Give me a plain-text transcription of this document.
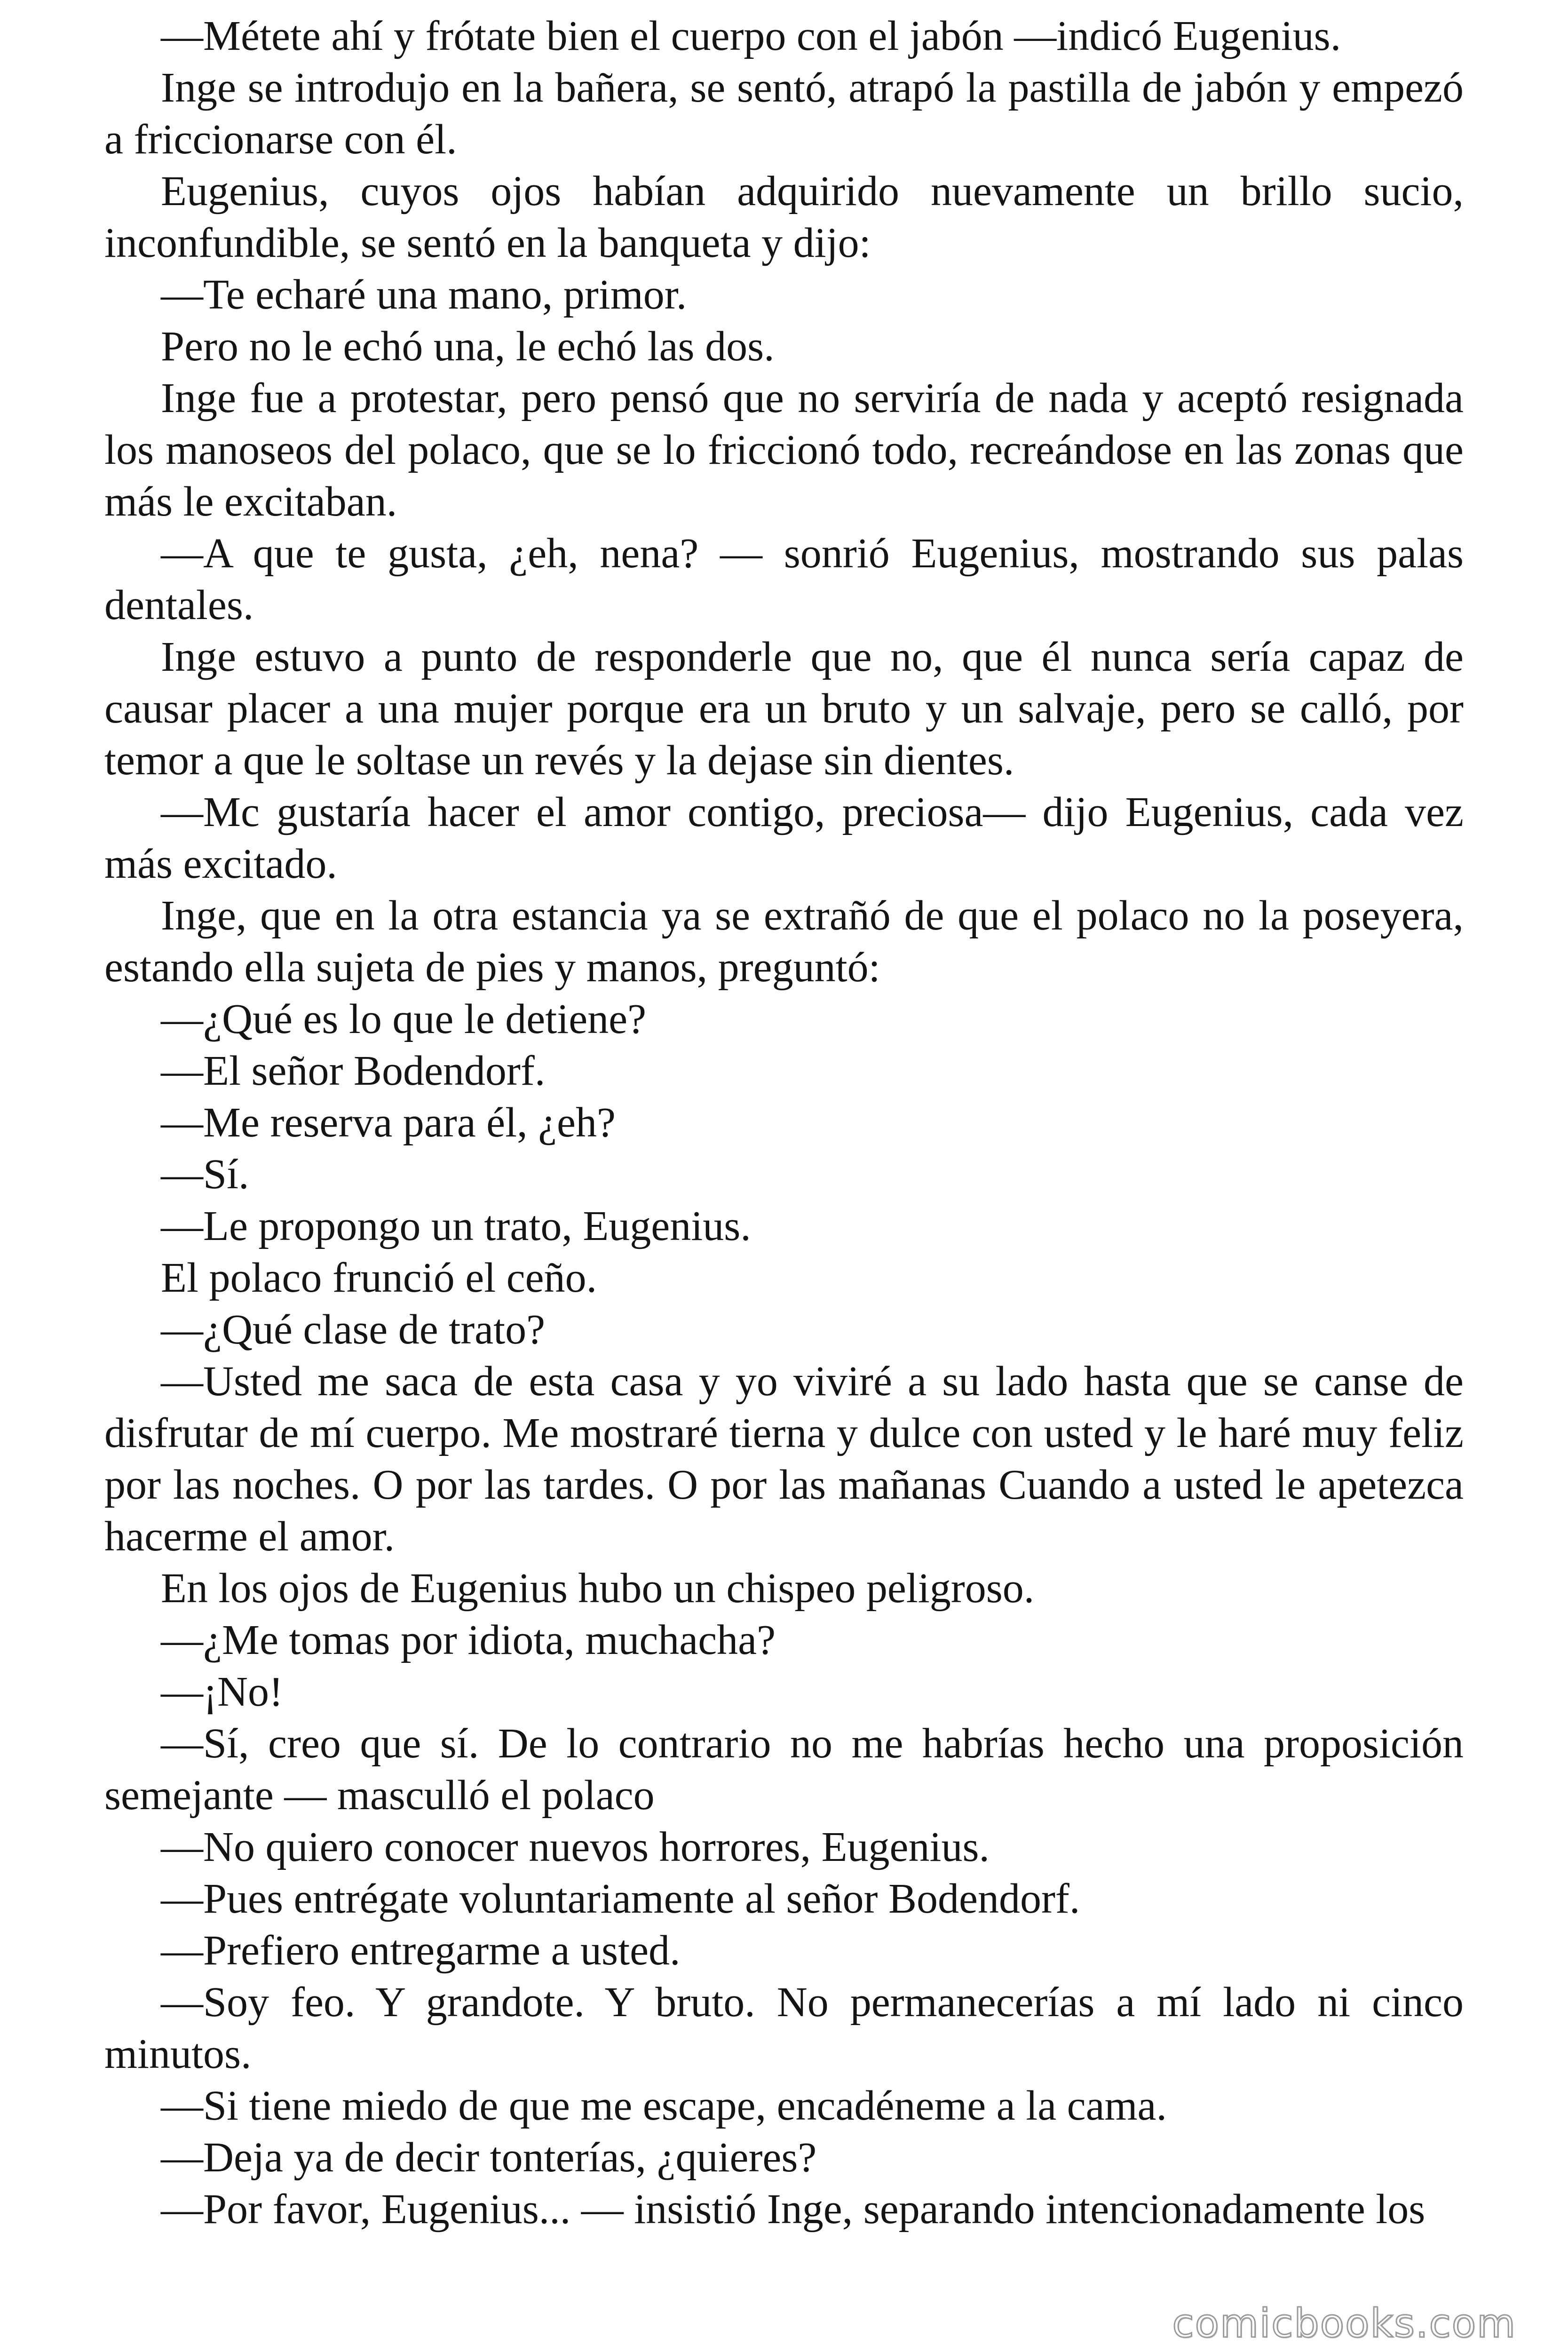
—Métete ahí y frótate bien el cuerpo con el jabón —indicó Eugenius.

Inge se introdujo en la bañera, se sentó, atrapó la pastilla de jabón y empezó a friccionarse con él.

Eugenius, cuyos ojos habían adquirido nuevamente un brillo sucio, inconfundible, se sentó en la banqueta y dijo:

—Te echaré una mano, primor.

Pero no le echó una, le echó las dos.

Inge fue a protestar, pero pensó que no serviría de nada y aceptó resignada los manoseos del polaco, que se lo friccionó todo, recreándose en las zonas que más le excitaban.

—A que te gusta, ¿eh, nena? — sonrió Eugenius, mostrando sus palas dentales.

Inge estuvo a punto de responderle que no, que él nunca sería capaz de causar placer a una mujer porque era un bruto y un salvaje, pero se calló, por temor a que le soltase un revés y la dejase sin dientes.

—Mc gustaría hacer el amor contigo, preciosa— dijo Eugenius, cada vez más excitado.

Inge, que en la otra estancia ya se extrañó de que el polaco no la poseyera, estando ella sujeta de pies y manos, preguntó:

—¿Qué es lo que le detiene?

—El señor Bodendorf.

—Me reserva para él, ¿eh?

—Sí.

—Le propongo un trato, Eugenius.

El polaco frunció el ceño.

—¿Qué clase de trato?

—Usted me saca de esta casa y yo viviré a su lado hasta que se canse de disfrutar de mí cuerpo. Me mostraré tierna y dulce con usted y le haré muy feliz por las noches. O por las tardes. O por las mañanas Cuando a usted le apetezca hacerme el amor.

En los ojos de Eugenius hubo un chispeo peligroso.

—¿Me tomas por idiota, muchacha?

—¡No!

—Sí, creo que sí. De lo contrario no me habrías hecho una proposición semejante — masculló el polaco

—No quiero conocer nuevos horrores, Eugenius.

—Pues entrégate voluntariamente al señor Bodendorf.

—Prefiero entregarme a usted.

—Soy feo. Y grandote. Y bruto. No permanecerías a mí lado ni cinco minutos.

—Si tiene miedo de que me escape, encadéneme a la cama.

—Deja ya de decir tonterías, ¿quieres?

—Por favor, Eugenius... — insistió Inge, separando intencionadamente los

comicbooks.com
